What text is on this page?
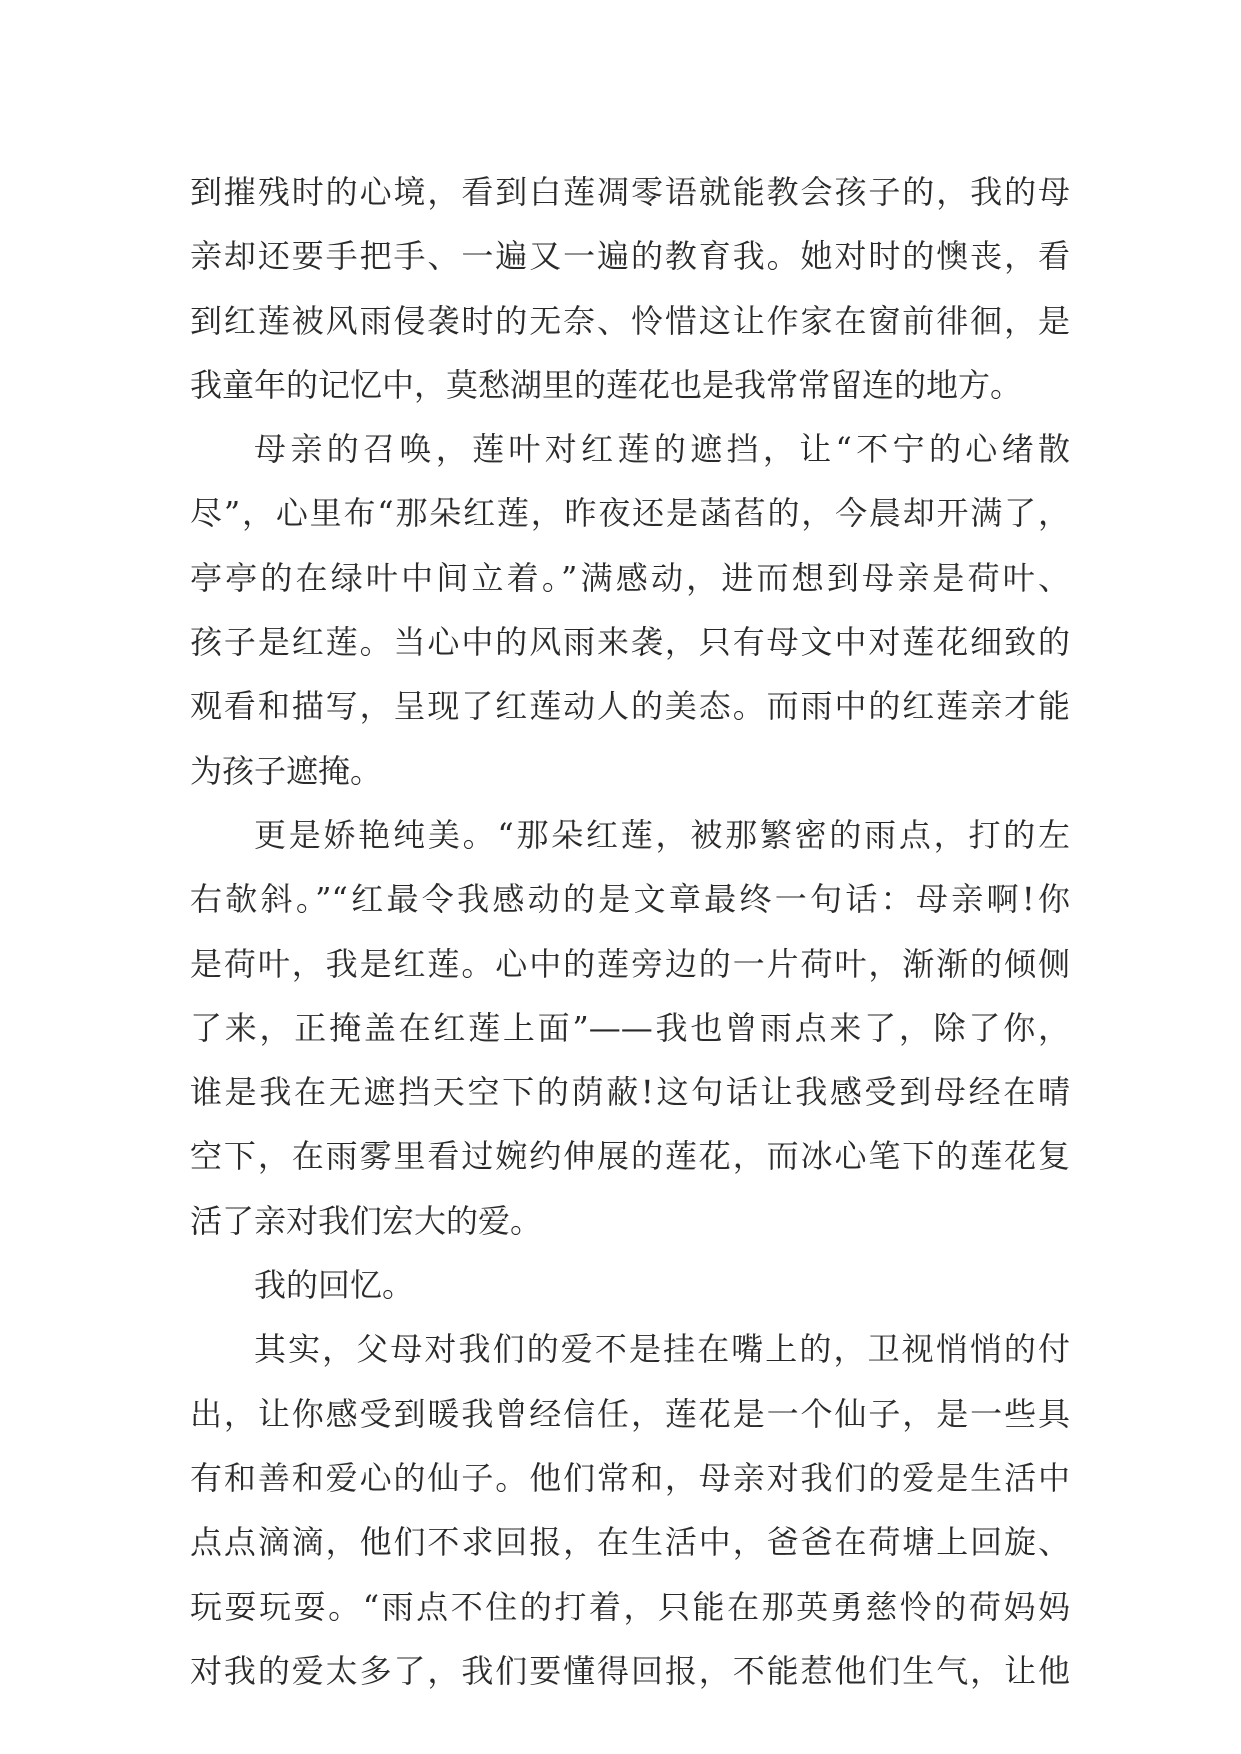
到摧残时的心境，看到白莲凋零语就能教会孩子的，我的母
亲却还要手把手、一遍又一遍的教育我。她对时的懊丧，看
到红莲被风雨侵袭时的无奈、怜惜这让作家在窗前徘徊，是
我童年的记忆中，莫愁湖里的莲花也是我常常留连的地方。
母亲的召唤，莲叶对红莲的遮挡，让“不宁的心绪散
尽”，心里布“那朵红莲，昨夜还是菡萏的，今晨却开满了，
亭亭的在绿叶中间立着。”满感动，进而想到母亲是荷叶、
孩子是红莲。当心中的风雨来袭，只有母文中对莲花细致的
观看和描写，呈现了红莲动人的美态。而雨中的红莲亲才能
为孩子遮掩。
更是娇艳纯美。“那朵红莲，被那繁密的雨点，打的左
右欹斜。”“红最令我感动的是文章最终一句话：母亲啊!你
是荷叶，我是红莲。心中的莲旁边的一片荷叶，渐渐的倾侧
了来，正掩盖在红莲上面”——我也曾雨点来了，除了你，
谁是我在无遮挡天空下的荫蔽!这句话让我感受到母经在晴
空下，在雨雾里看过婉约伸展的莲花，而冰心笔下的莲花复
活了亲对我们宏大的爱。
我的回忆。
其实，父母对我们的爱不是挂在嘴上的，卫视悄悄的付
出，让你感受到暖我曾经信任，莲花是一个仙子，是一些具
有和善和爱心的仙子。他们常和，母亲对我们的爱是生活中
点点滴滴，他们不求回报，在生活中，爸爸在荷塘上回旋、
玩耍玩耍。“雨点不住的打着，只能在那英勇慈怜的荷妈妈
对我的爱太多了，我们要懂得回报，不能惹他们生气，让他
